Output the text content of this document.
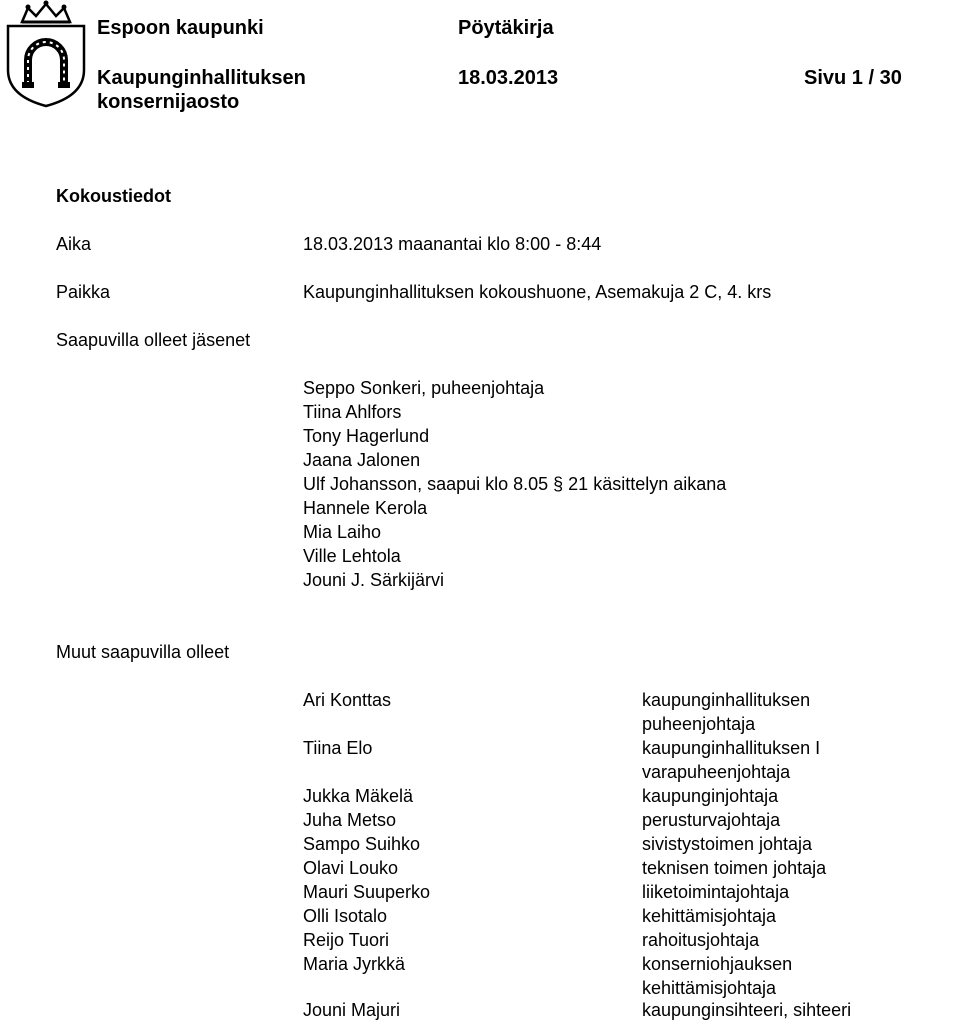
Espoon kaupunki	Pöytäkirja
Kaupunginhallituksen
konsernijaosto
18.03.2013	Sivu 1 / 30
Kokoustiedot
Aika	18.03.2013 maanantai klo 8:00 - 8:44
Paikka	Kaupunginhallituksen kokoushuone, Asemakuja 2 C, 4. krs
Saapuvilla olleet jäsenet
Seppo Sonkeri, puheenjohtaja
Tiina Ahlfors
Tony Hagerlund
Jaana Jalonen
Ulf Johansson, saapui klo 8.05 § 21 käsittelyn aikana
Hannele Kerola
Mia Laiho
Ville Lehtola
Jouni J. Särkijärvi
Muut saapuvilla olleet
Ari Konttas	kaupunginhallituksen
puheenjohtaja
Tiina Elo	kaupunginhallituksen I
varapuheenjohtaja
Jukka Mäkelä	kaupunginjohtaja
Juha Metso	perusturvajohtaja
Sampo Suihko	sivistystoimen johtaja
Olavi Louko	teknisen toimen johtaja
Mauri Suuperko	liiketoimintajohtaja
Olli Isotalo	kehittämisjohtaja
Reijo Tuori	rahoitusjohtaja
Maria Jyrkkä	konserniohjauksen
kehittämisjohtaja
Jouni Majuri	kaupunginsihteeri, sihteeri
